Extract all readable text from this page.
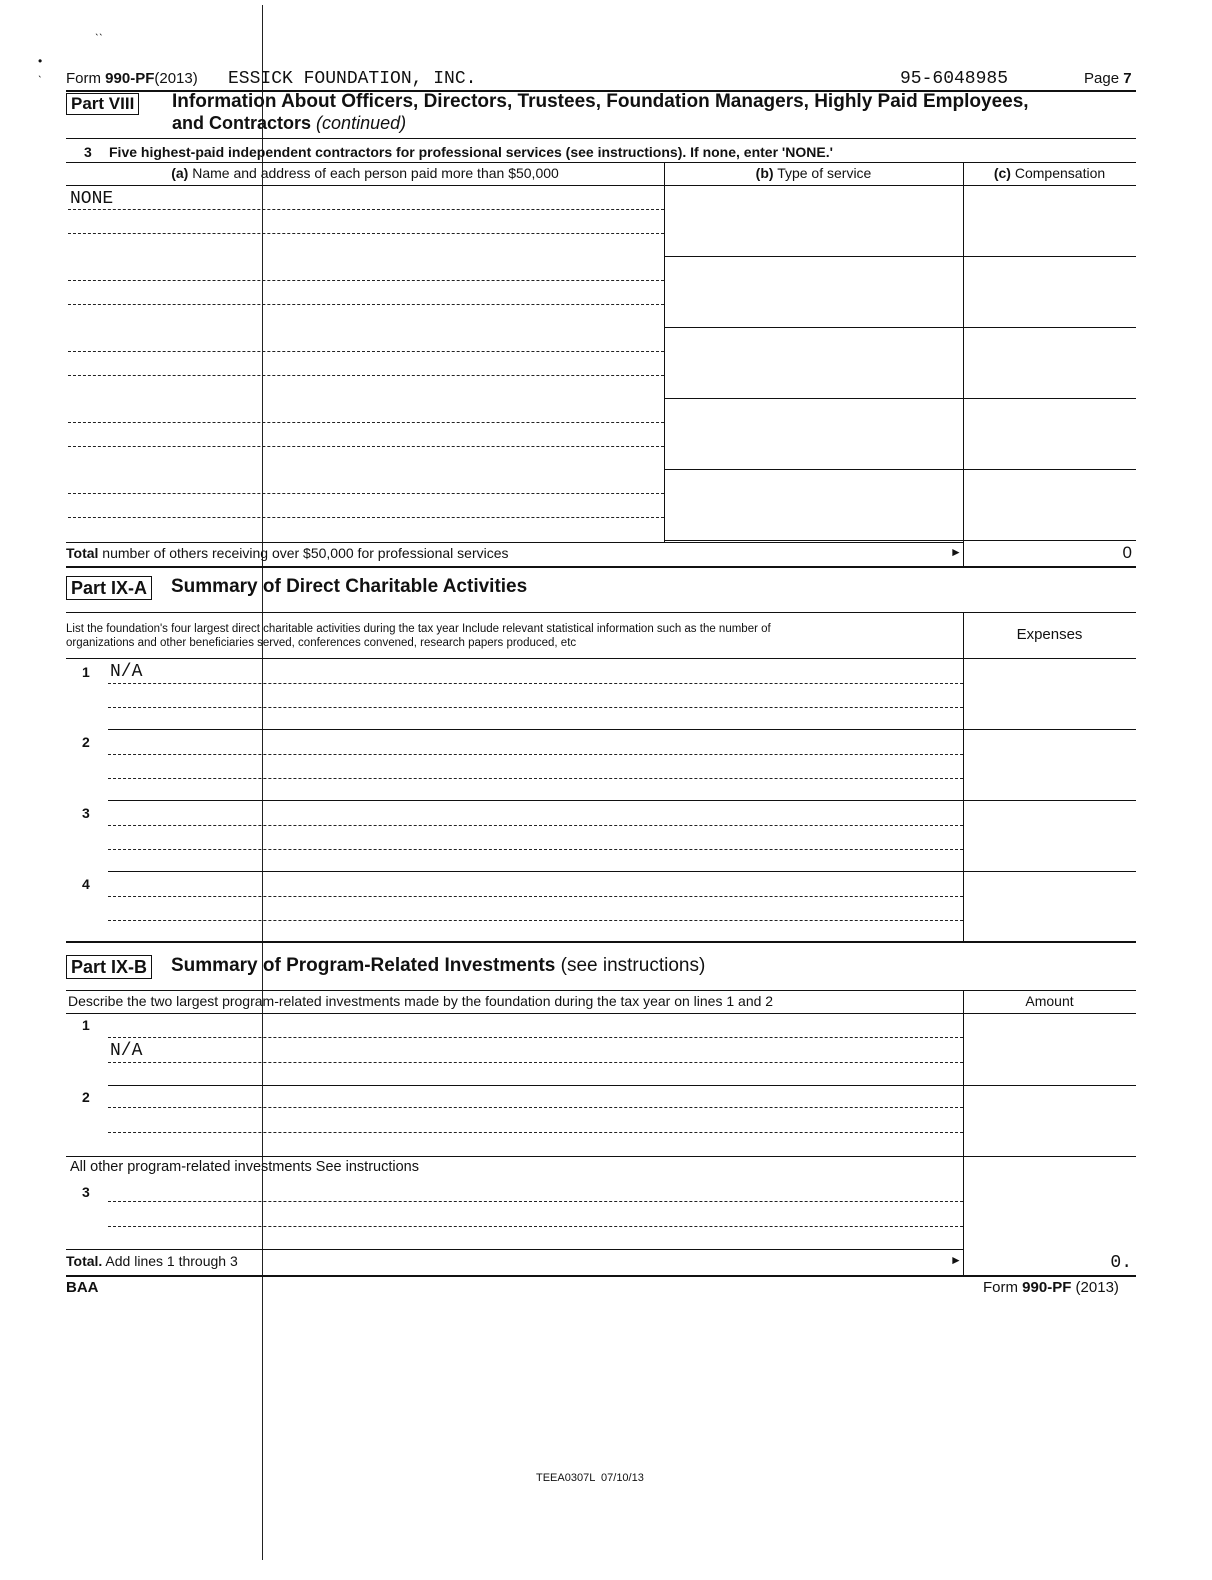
ˎˎ
•
ˎ Form 990-PF(2013) ESSICK FOUNDATION, INC.	95-6048985	Page 7
Part VIII Information About Officers, Directors, Trustees, Foundation Managers, Highly Paid Employees,
and Contractors (continued)
3 Five highest-paid independent contractors for professional services (see instructions). If none, enter 'NONE.'
(a) Name and address of each person paid more than $50,000	(b) Type of service	(c) Compensation
NONE
Total number of others receiving over $50,000 for professional services	►	0
Part IX-A Summary of Direct Charitable Activities
List the foundation's four largest direct charitable activities during the tax year Include relevant statistical information such as the number of
organizations and other beneficiaries served, conferences convened, research papers produced, etc	Expenses
1 N/A
2
3
4
Part IX-B Summary of Program-Related Investments (see instructions)
Describe the two largest program-related investments made by the foundation during the tax year on lines 1 and 2	Amount
1
N/A
2
All other program-related investments See instructions
3
Total. Add lines 1 through 3	►	0.
BAA	Form 990-PF (2013)
TEEA0307L  07/10/13
